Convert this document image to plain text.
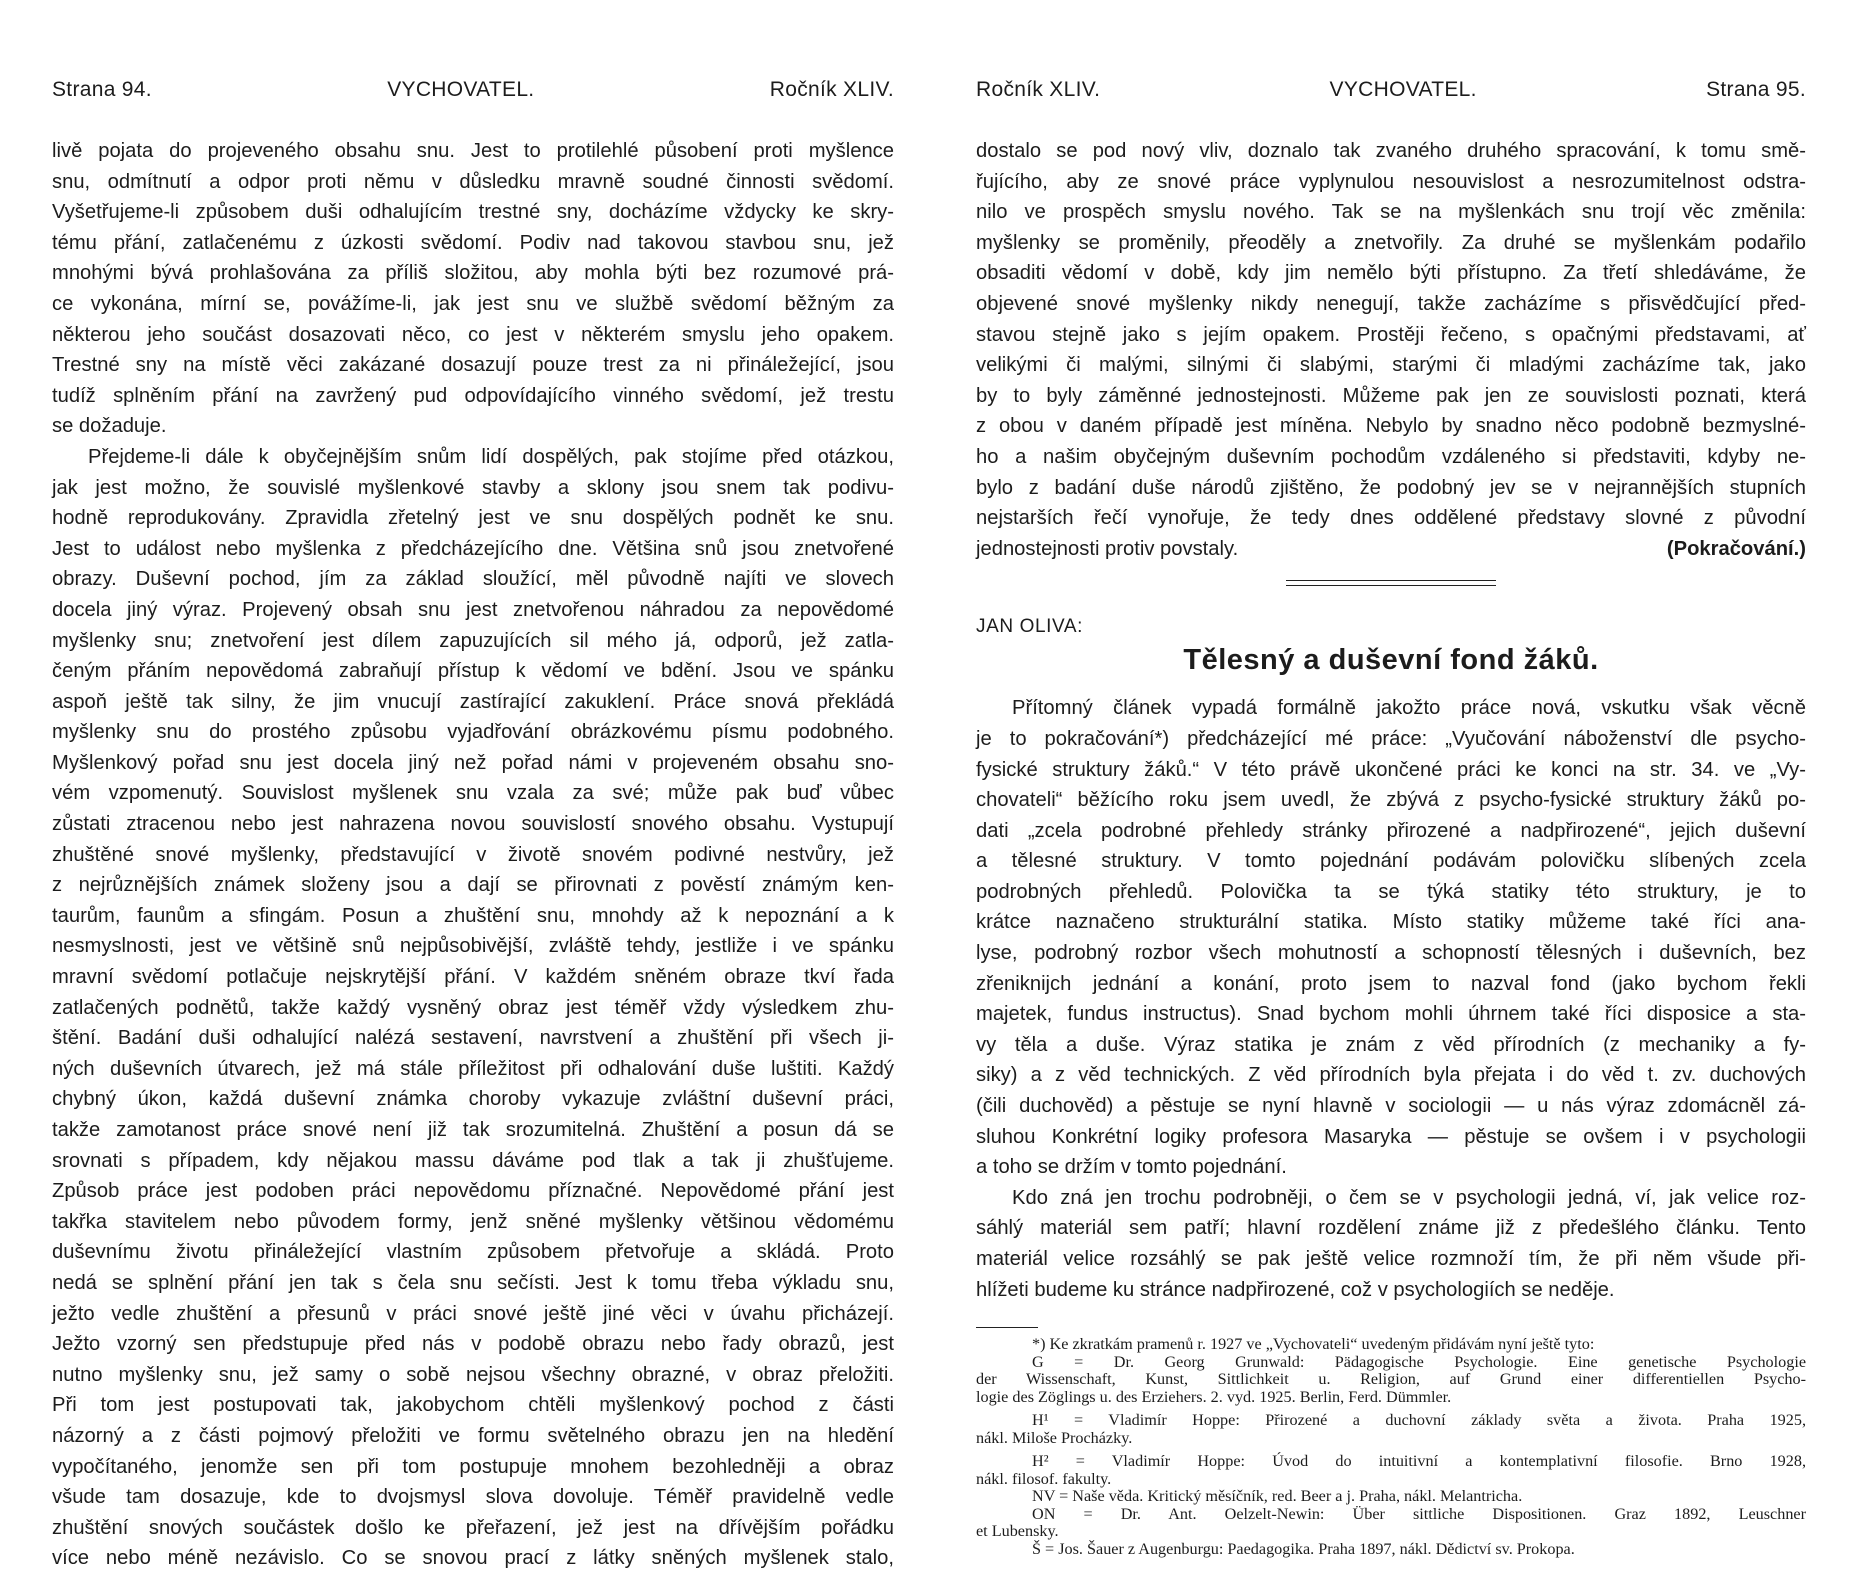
Strana 94.	VYCHOVATEL.	Ročník XLIV.
livě pojata do projeveného obsahu snu. Jest to protilehlé působení proti myšlence
snu, odmítnutí a odpor proti němu v důsledku mravně soudné činnosti svědomí.
Vyšetřujeme-li způsobem duši odhalujícím trestné sny, docházíme vždycky ke skry-
tému přání, zatlačenému z úzkosti svědomí. Podiv nad takovou stavbou snu, jež
mnohými bývá prohlašována za příliš složitou, aby mohla býti bez rozumové prá-
ce vykonána, mírní se, povážíme-li, jak jest snu ve službě svědomí běžným za
některou jeho součást dosazovati něco, co jest v některém smyslu jeho opakem.
Trestné sny na místě věci zakázané dosazují pouze trest za ni přináležející, jsou
tudíž splněním přání na zavržený pud odpovídajícího vinného svědomí, jež trestu
se dožaduje.
Přejdeme-li dále k obyčejnějším snům lidí dospělých, pak stojíme před otázkou,
jak jest možno, že souvislé myšlenkové stavby a sklony jsou snem tak podivu-
hodně reprodukovány. Zpravidla zřetelný jest ve snu dospělých podnět ke snu.
Jest to událost nebo myšlenka z předcházejícího dne. Většina snů jsou znetvořené
obrazy. Duševní pochod, jím za základ sloužící, měl původně najíti ve slovech
docela jiný výraz. Projevený obsah snu jest znetvořenou náhradou za nepovědomé
myšlenky snu; znetvoření jest dílem zapuzujících sil mého já, odporů, jež zatla-
čeným přáním nepovědomá zabraňují přístup k vědomí ve bdění. Jsou ve spánku
aspoň ještě tak silny, že jim vnucují zastírající zakuklení. Práce snová překládá
myšlenky snu do prostého způsobu vyjadřování obrázkovému písmu podobného.
Myšlenkový pořad snu jest docela jiný než pořad námi v projeveném obsahu sno-
vém vzpomenutý. Souvislost myšlenek snu vzala za své; může pak buď vůbec
zůstati ztracenou nebo jest nahrazena novou souvislostí snového obsahu. Vystupují
zhuštěné snové myšlenky, představující v životě snovém podivné nestvůry, jež
z nejrůznějších známek složeny jsou a dají se přirovnati z pověstí známým ken-
taurům, faunům a sfingám. Posun a zhuštění snu, mnohdy až k nepoznání a k
nesmyslnosti, jest ve většině snů nejpůsobivější, zvláště tehdy, jestliže i ve spánku
mravní svědomí potlačuje nejskrytější přání. V každém sněném obraze tkví řada
zatlačených podnětů, takže každý vysněný obraz jest téměř vždy výsledkem zhu-
štění. Badání duši odhalující nalézá sestavení, navrstvení a zhuštění při všech ji-
ných duševních útvarech, jež má stále příležitost při odhalování duše luštiti. Každý
chybný úkon, každá duševní známka choroby vykazuje zvláštní duševní práci,
takže zamotanost práce snové není již tak srozumitelná. Zhuštění a posun dá se
srovnati s případem, kdy nějakou massu dáváme pod tlak a tak ji zhušťujeme.
Způsob práce jest podoben práci nepovědomu příznačné. Nepovědomé přání jest
takřka stavitelem nebo původem formy, jenž sněné myšlenky většinou vědomému
duševnímu životu přináležející vlastním způsobem přetvořuje a skládá. Proto
nedá se splnění přání jen tak s čela snu sečísti. Jest k tomu třeba výkladu snu,
ježto vedle zhuštění a přesunů v práci snové ještě jiné věci v úvahu přicházejí.
Ježto vzorný sen předstupuje před nás v podobě obrazu nebo řady obrazů, jest
nutno myšlenky snu, jež samy o sobě nejsou všechny obrazné, v obraz přeložiti.
Při tom jest postupovati tak, jakobychom chtěli myšlenkový pochod z části
názorný a z části pojmový přeložiti ve formu světelného obrazu jen na hledění
vypočítaného, jenomže sen při tom postupuje mnohem bezohledněji a obraz
všude tam dosazuje, kde to dvojsmysl slova dovoluje. Téměř pravidelně vedle
zhuštění snových součástek došlo ke přeřazení, jež jest na dřívějším pořádku
více nebo méně nezávislo. Co se snovou prací z látky sněných myšlenek stalo,
Ročník XLIV.	VYCHOVATEL.	Strana 95.
dostalo se pod nový vliv, doznalo tak zvaného druhého spracování, k tomu smě-
řujícího, aby ze snové práce vyplynulou nesouvislost a nesrozumitelnost odstra-
nilo ve prospěch smyslu nového. Tak se na myšlenkách snu trojí věc změnila:
myšlenky se proměnily, přeoděly a znetvořily. Za druhé se myšlenkám podařilo
obsaditi vědomí v době, kdy jim nemělo býti přístupno. Za třetí shledáváme, že
objevené snové myšlenky nikdy nenegují, takže zacházíme s přisvědčující před-
stavou stejně jako s jejím opakem. Prostěji řečeno, s opačnými představami, ať
velikými či malými, silnými či slabými, starými či mladými zacházíme tak, jako
by to byly záměnné jednostejnosti. Můžeme pak jen ze souvislosti poznati, která
z obou v daném případě jest míněna. Nebylo by snadno něco podobně bezmyslné-
ho a našim obyčejným duševním pochodům vzdáleného si představiti, kdyby ne-
bylo z badání duše národů zjištěno, že podobný jev se v nejrannějších stupních
nejstarších řečí vynořuje, že tedy dnes oddělené představy slovné z původní
jednostejnosti protiv povstaly.	(Pokračování.)
JAN OLIVA:
Tělesný a duševní fond žáků.
Přítomný článek vypadá formálně jakožto práce nová, vskutku však věcně
je to pokračování*) předcházející mé práce: „Vyučování náboženství dle psycho-
fysické struktury žáků.“ V této právě ukončené práci ke konci na str. 34. ve „Vy-
chovateli“ běžícího roku jsem uvedl, že zbývá z psycho-fysické struktury žáků po-
dati „zcela podrobné přehledy stránky přirozené a nadpřirozené“, jejich duševní
a tělesné struktury. V tomto pojednání podávám polovičku slíbených zcela
podrobných přehledů. Polovička ta se týká statiky této struktury, je to
krátce naznačeno strukturální statika. Místo statiky můžeme také říci ana-
lyse, podrobný rozbor všech mohutností a schopností tělesných i duševních, bez
zřeniknijch jednání a konání, proto jsem to nazval fond (jako bychom řekli
majetek, fundus instructus). Snad bychom mohli úhrnem také říci disposice a sta-
vy těla a duše. Výraz statika je znám z věd přírodních (z mechaniky a fy-
siky) a z věd technických. Z věd přírodních byla přejata i do věd t. zv. duchových
(čili duchověd) a pěstuje se nyní hlavně v sociologii — u nás výraz zdomácněl zá-
sluhou Konkrétní logiky profesora Masaryka — pěstuje se ovšem i v psychologii
a toho se držím v tomto pojednání.
Kdo zná jen trochu podrobněji, o čem se v psychologii jedná, ví, jak velice roz-
sáhlý materiál sem patří; hlavní rozdělení známe již z předešlého článku. Tento
materiál velice rozsáhlý se pak ještě velice rozmnoží tím, že při něm všude při-
hlížeti budeme ku stránce nadpřirozené, což v psychologiích se neděje.
*) Ke zkratkám pramenů r. 1927 ve „Vychovateli“ uvedeným přidávám nyní ještě tyto:
G = Dr. Georg Grunwald: Pädagogische Psychologie. Eine genetische Psychologie
der Wissenschaft, Kunst, Sittlichkeit u. Religion, auf Grund einer differentiellen Psycho-
logie des Zöglings u. des Erziehers. 2. vyd. 1925. Berlin, Ferd. Dümmler.
H¹ = Vladimír Hoppe: Přirozené a duchovní základy světa a života. Praha 1925,
nákl. Miloše Procházky.
H² = Vladimír Hoppe: Úvod do intuitivní a kontemplativní filosofie. Brno 1928,
nákl. filosof. fakulty.
NV = Naše věda. Kritický měsíčník, red. Beer a j. Praha, nákl. Melantricha.
ON = Dr. Ant. Oelzelt-Newin: Über sittliche Dispositionen. Graz 1892, Leuschner
et Lubensky.
Š = Jos. Šauer z Augenburgu: Paedagogika. Praha 1897, nákl. Dědictví sv. Prokopa.
